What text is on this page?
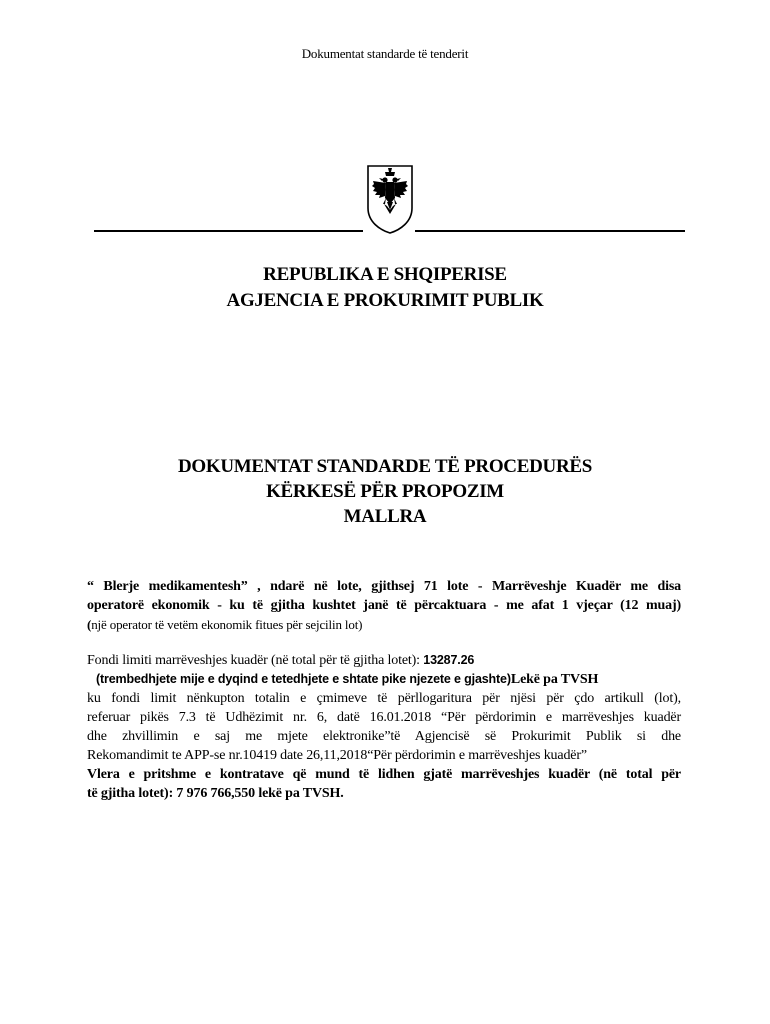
Dokumentat standarde të tenderit
REPUBLIKA E SHQIPERISE
AGJENCIA E PROKURIMIT PUBLIK
DOKUMENTAT STANDARDE TË PROCEDURËS
KËRKESË PËR PROPOZIM
MALLRA
“ Blerje medikamentesh” , ndarë në lote, gjithsej 71 lote - Marrëveshje Kuadër me disa
operatorë ekonomik - ku të gjitha kushtet janë të përcaktuara - me afat 1 vjeçar (12 muaj)
(një operator të vetëm ekonomik fitues për sejcilin lot)
Fondi limiti marrëveshjes kuadër (në total për të gjitha lotet): 13287.26
(trembedhjete mije e dyqind e tetedhjete e shtate pike njezete e gjashte)Lekë pa TVSH
ku fondi limit nënkupton totalin e çmimeve të përllogaritura për njësi për çdo artikull (lot),
referuar pikës 7.3 të Udhëzimit nr. 6, datë 16.01.2018 “Për përdorimin e marrëveshjes kuadër
dhe zhvillimin e saj me mjete elektronike”të Agjencisë së Prokurimit Publik si dhe
Rekomandimit te APP-se nr.10419 date 26,11,2018“Për përdorimin e marrëveshjes kuadër”
Vlera e pritshme e kontratave që mund të lidhen gjatë marrëveshjes kuadër (në total për
të gjitha lotet): 7 976 766,550 lekë pa TVSH.
